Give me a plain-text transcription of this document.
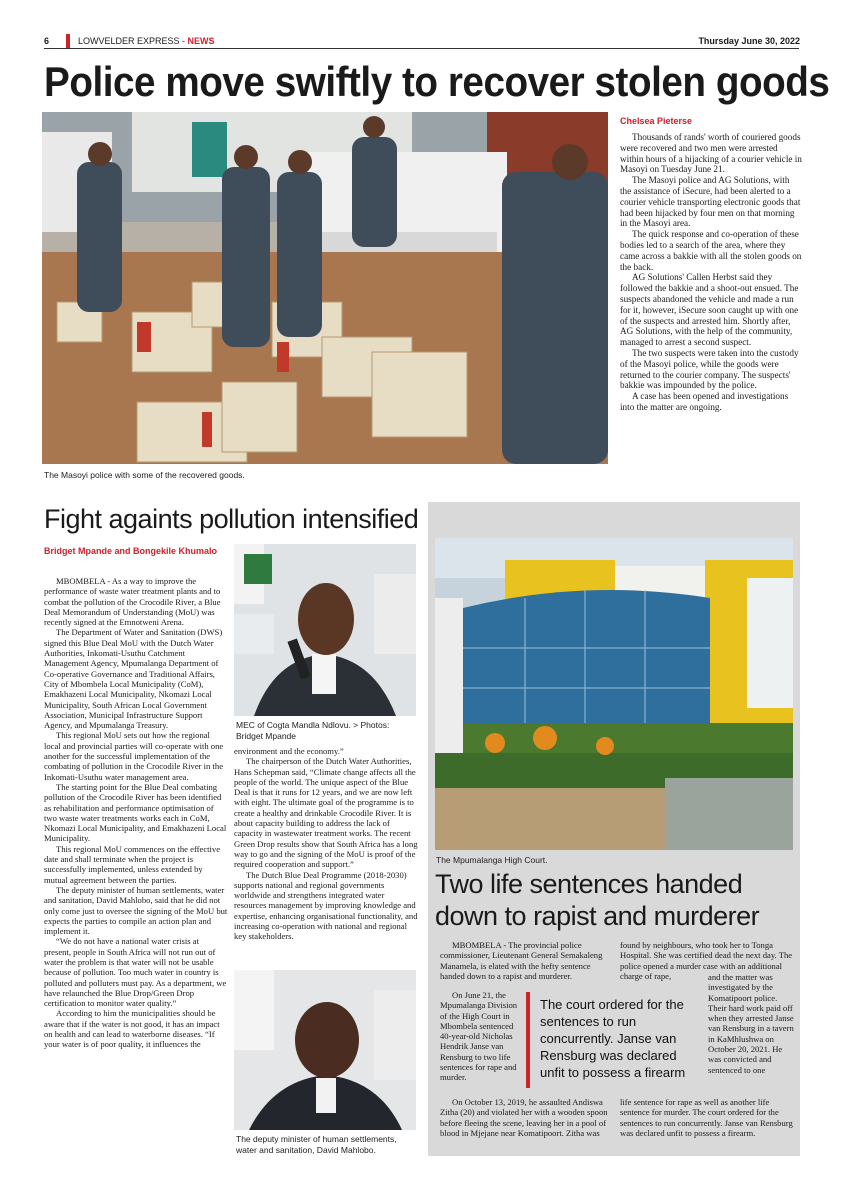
6	LOWVELDER EXPRESS - NEWS	Thursday June 30, 2022
Police move swiftly to recover stolen goods
The Masoyi police with some of the recovered goods.
Chelsea Pieterse

Thousands of rands' worth of couriered goods were recovered and two men were arrested within hours of a hijacking of a courier vehicle in Masoyi on Tuesday June 21.

The Masoyi police and AG Solutions, with the assistance of iSecure, had been alerted to a courier vehicle transporting electronic goods that had been hijacked by four men on that morning in the Masoyi area.

The quick response and co-operation of these bodies led to a search of the area, where they came across a bakkie with all the stolen goods on the back.

AG Solutions' Callen Herbst said they followed the bakkie and a shoot-out ensued. The suspects abandoned the vehicle and made a run for it, however, iSecure soon caught up with one of the suspects and arrested him. Shortly after, AG Solutions, with the help of the community, managed to arrest a second suspect.

The two suspects were taken into the custody of the Masoyi police, while the goods were returned to the courier company. The suspects' bakkie was impounded by the police.

A case has been opened and investigations into the matter are ongoing.

Fight againts pollution intensified
Bridget Mpande and Bongekile Khumalo

MBOMBELA - As a way to improve the performance of waste water treatment plants and to combat the pollution of the Crocodile River, a Blue Deal Memorandum of Understanding (MoU) was recently signed at the Emnotweni Arena.

The Department of Water and Sanitation (DWS) signed this Blue Deal MoU with the Dutch Water Authorities, Inkomati-Usuthu Catchment Management Agency, Mpumalanga Department of Co-operative Governance and Traditional Affairs, City of Mbombela Local Municipality (CoM), Emakhazeni Local Municipality, Nkomazi Local Municipality, South African Local Government Association, Municipal Infrastructure Support Agency, and Mpumalanga Treasury.

This regional MoU sets out how the regional local and provincial parties will co-operate with one another for the successful implementation of the combating of pollution in the Crocodile River in the Inkomati-Usuthu water management area.

The starting point for the Blue Deal combating pollution of the Crocodile River has been identified as rehabilitation and performance optimisation of two waste water treatments works each in CoM, Nkomazi Local Municipality, and Emakhazeni Local Municipality.

This regional MoU commences on the effective date and shall terminate when the project is successfully implemented, unless extended by mutual agreement between the parties.

The deputy minister of human settlements, water and sanitation, David Mahlobo, said that he did not only come just to oversee the signing of the MoU but expects the parties to compile an action plan and implement it.

“We do not have a national water crisis at present, people in South Africa will not run out of water the problem is that water will not be usable because of pollution. Too much water in country is polluted and polluters must pay. As a department, we have relaunched the Blue Drop/Green Drop certification to monitor water quality.”

According to him the municipalities should be aware that if the water is not good, it has an impact on health and can lead to waterborne diseases. “If your water is of poor quality, it influences the

MEC of Cogta Mandla Ndlovu. > Photos: Bridget Mpande

environment and the economy.”

The chairperson of the Dutch Water Authorities, Hans Schepman said, “Climate change affects all the people of the world. The unique aspect of the Blue Deal is that it runs for 12 years, and we are now left with eight. The ultimate goal of the programme is to create a healthy and drinkable Crocodile River. It is about capacity building to address the lack of capacity in wastewater treatment works. The recent Green Drop results show that South Africa has a long way to go and the signing of the MoU is proof of the required cooperation and support.”

The Dutch Blue Deal Programme (2018-2030) supports national and regional governments worldwide and strengthens integrated water resources management by improving knowledge and expertise, enhancing organisational functionality, and increasing co-operation with national and regional key stakeholders.

The deputy minister of human settlements, water and sanitation, David Mahlobo.
The Mpumalanga High Court.
Two life sentences handed down to rapist and murderer

MBOMBELA - The provincial police commissioner, Lieutenant General Semakaleng Manamela, is elated with the hefty sentence handed down to a rapist and murderer.

On June 21, the Mpumalanga Division of the High Court in Mbombela sentenced 40-year-old Nicholas Hendrik Janse van Rensburg to two life sentences for rape and murder.

On October 13, 2019, he assaulted Andiswa Zitha (20) and violated her with a wooden spoon before fleeing the scene, leaving her in a pool of blood in Mjejane near Komatipoort. Zitha was

The court ordered for the sentences to run concurrently. Janse van Rensburg was declared unfit to possess a firearm

found by neighbours, who took her to Tonga Hospital. She was certified dead the next day. The police opened a murder case with an additional charge of rape,	and the matter was investigated by the Komatipoort police. Their hard work paid off when they arrested Janse van Rensburg in a tavern in KaMhlushwa on October 20, 2021. He was convicted and sentenced to one

life sentence for rape as well as another life sentence for murder. The court ordered for the sentences to run concurrently. Janse van Rensburg was declared unfit to possess a firearm.
